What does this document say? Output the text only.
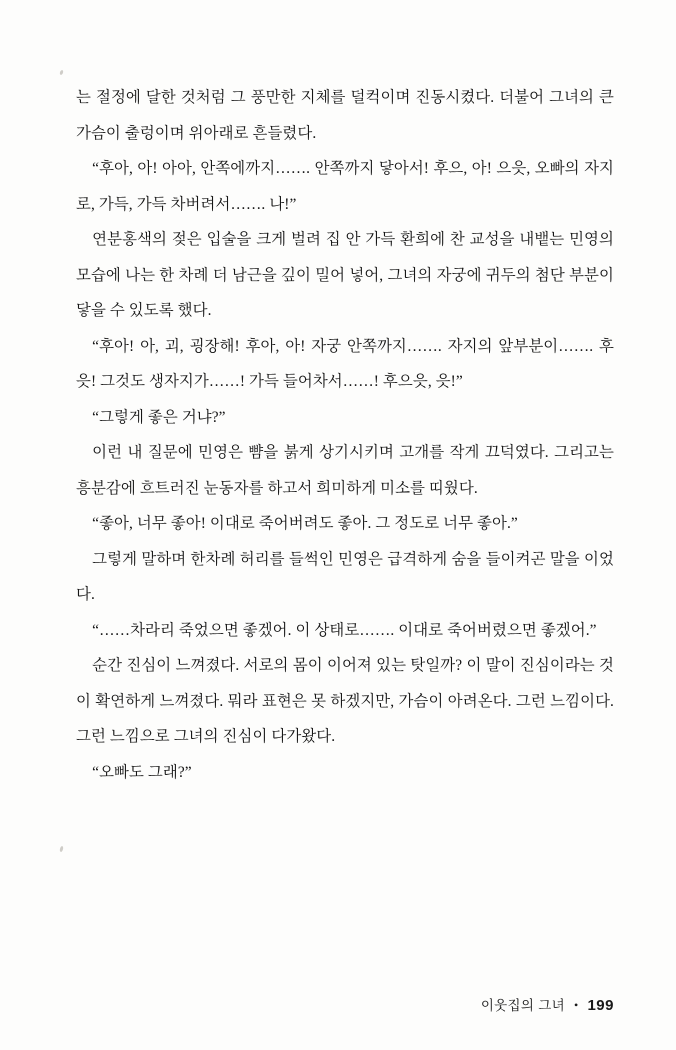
는 절정에 달한 것처럼 그 풍만한 지체를 덜컥이며 진동시켰다. 더불어 그녀의 큰 가슴이 출렁이며 위아래로 흔들렸다.

“후아, 아! 아아, 안쪽에까지……. 안쪽까지 닿아서! 후으, 아! 으읏, 오빠의 자지로, 가득, 가득 차버려서……. 나!”

연분홍색의 젖은 입술을 크게 벌려 집 안 가득 환희에 찬 교성을 내뱉는 민영의 모습에 나는 한 차례 더 남근을 깊이 밀어 넣어, 그녀의 자궁에 귀두의 첨단 부분이 닿을 수 있도록 했다.

“후아! 아, 괴, 굉장해! 후아, 아! 자궁 안쪽까지……. 자지의 앞부분이……. 후읏! 그것도 생자지가……! 가득 들어차서……! 후으읏, 읏!”

“그렇게 좋은 거냐?”

이런 내 질문에 민영은 뺨을 붉게 상기시키며 고개를 작게 끄덕였다. 그리고는 흥분감에 흐트러진 눈동자를 하고서 희미하게 미소를 띠웠다.

“좋아, 너무 좋아! 이대로 죽어버려도 좋아. 그 정도로 너무 좋아.”

그렇게 말하며 한차례 허리를 들썩인 민영은 급격하게 숨을 들이켜곤 말을 이었다.

“……차라리 죽었으면 좋겠어. 이 상태로……. 이대로 죽어버렸으면 좋겠어.”

순간 진심이 느껴졌다. 서로의 몸이 이어져 있는 탓일까? 이 말이 진심이라는 것이 확연하게 느껴졌다. 뭐라 표현은 못 하겠지만, 가슴이 아려온다. 그런 느낌이다. 그런 느낌으로 그녀의 진심이 다가왔다.

“오빠도 그래?”

이웃집의 그녀 • 199
